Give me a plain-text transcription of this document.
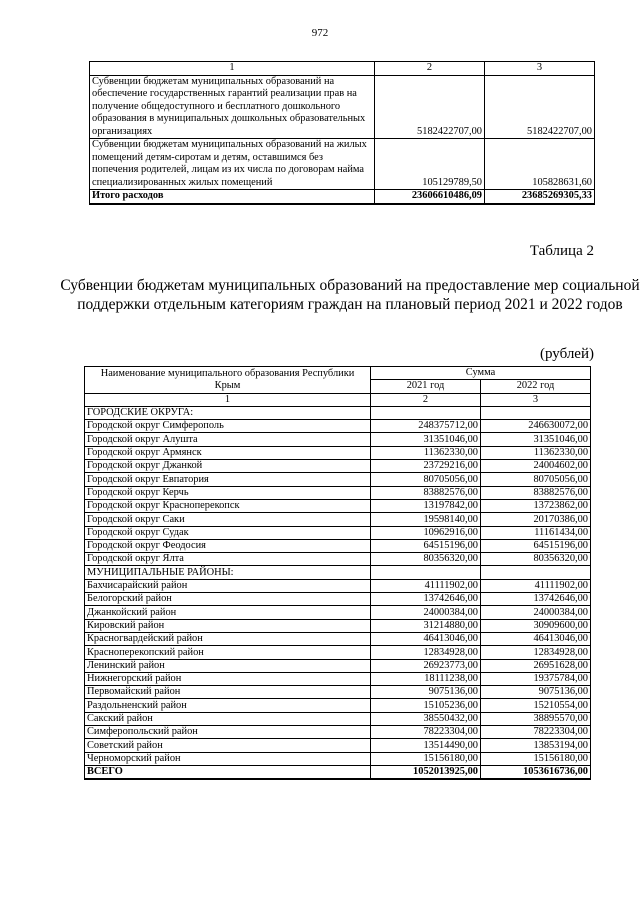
972
1	2	3
Субвенции бюджетам муниципальных образований на обеспечение государственных гарантий реализации прав на получение общедоступного и бесплатного дошкольного образования в муниципальных дошкольных образовательных организациях	5182422707,00	5182422707,00
Субвенции бюджетам муниципальных образований на жилых помещений детям-сиротам и детям, оставшимся без попечения родителей, лицам из их числа по договорам найма специализированных жилых помещений	105129789,50	105828631,60
Итого расходов	23606610486,09	23685269305,33
Таблица 2
Субвенции бюджетам муниципальных образований на предоставление мер социальной поддержки отдельным категориям граждан на плановый период 2021 и 2022 годов
(рублей)
Наименование муниципального образования Республики Крым	Сумма	
	2021 год	2022 год
1	2	3
ГОРОДСКИЕ ОКРУГА:		
Городской округ Симферополь	248375712,00	246630072,00
Городской округ Алушта	31351046,00	31351046,00
Городской округ Армянск	11362330,00	11362330,00
Городской округ Джанкой	23729216,00	24004602,00
Городской округ Евпатория	80705056,00	80705056,00
Городской округ Керчь	83882576,00	83882576,00
Городской округ Красноперекопск	13197842,00	13723862,00
Городской округ Саки	19598140,00	20170386,00
Городской округ Судак	10962916,00	11161434,00
Городской округ Феодосия	64515196,00	64515196,00
Городской округ Ялта	80356320,00	80356320,00
МУНИЦИПАЛЬНЫЕ РАЙОНЫ:		
Бахчисарайский район	41111902,00	41111902,00
Белогорский район	13742646,00	13742646,00
Джанкойский район	24000384,00	24000384,00
Кировский район	31214880,00	30909600,00
Красногвардейский район	46413046,00	46413046,00
Красноперекопский район	12834928,00	12834928,00
Ленинский район	26923773,00	26951628,00
Нижнегорский район	18111238,00	19375784,00
Первомайский район	9075136,00	9075136,00
Раздольненский район	15105236,00	15210554,00
Сакский район	38550432,00	38895570,00
Симферопольский район	78223304,00	78223304,00
Советский район	13514490,00	13853194,00
Черноморский район	15156180,00	15156180,00
ВСЕГО	1052013925,00	1053616736,00
